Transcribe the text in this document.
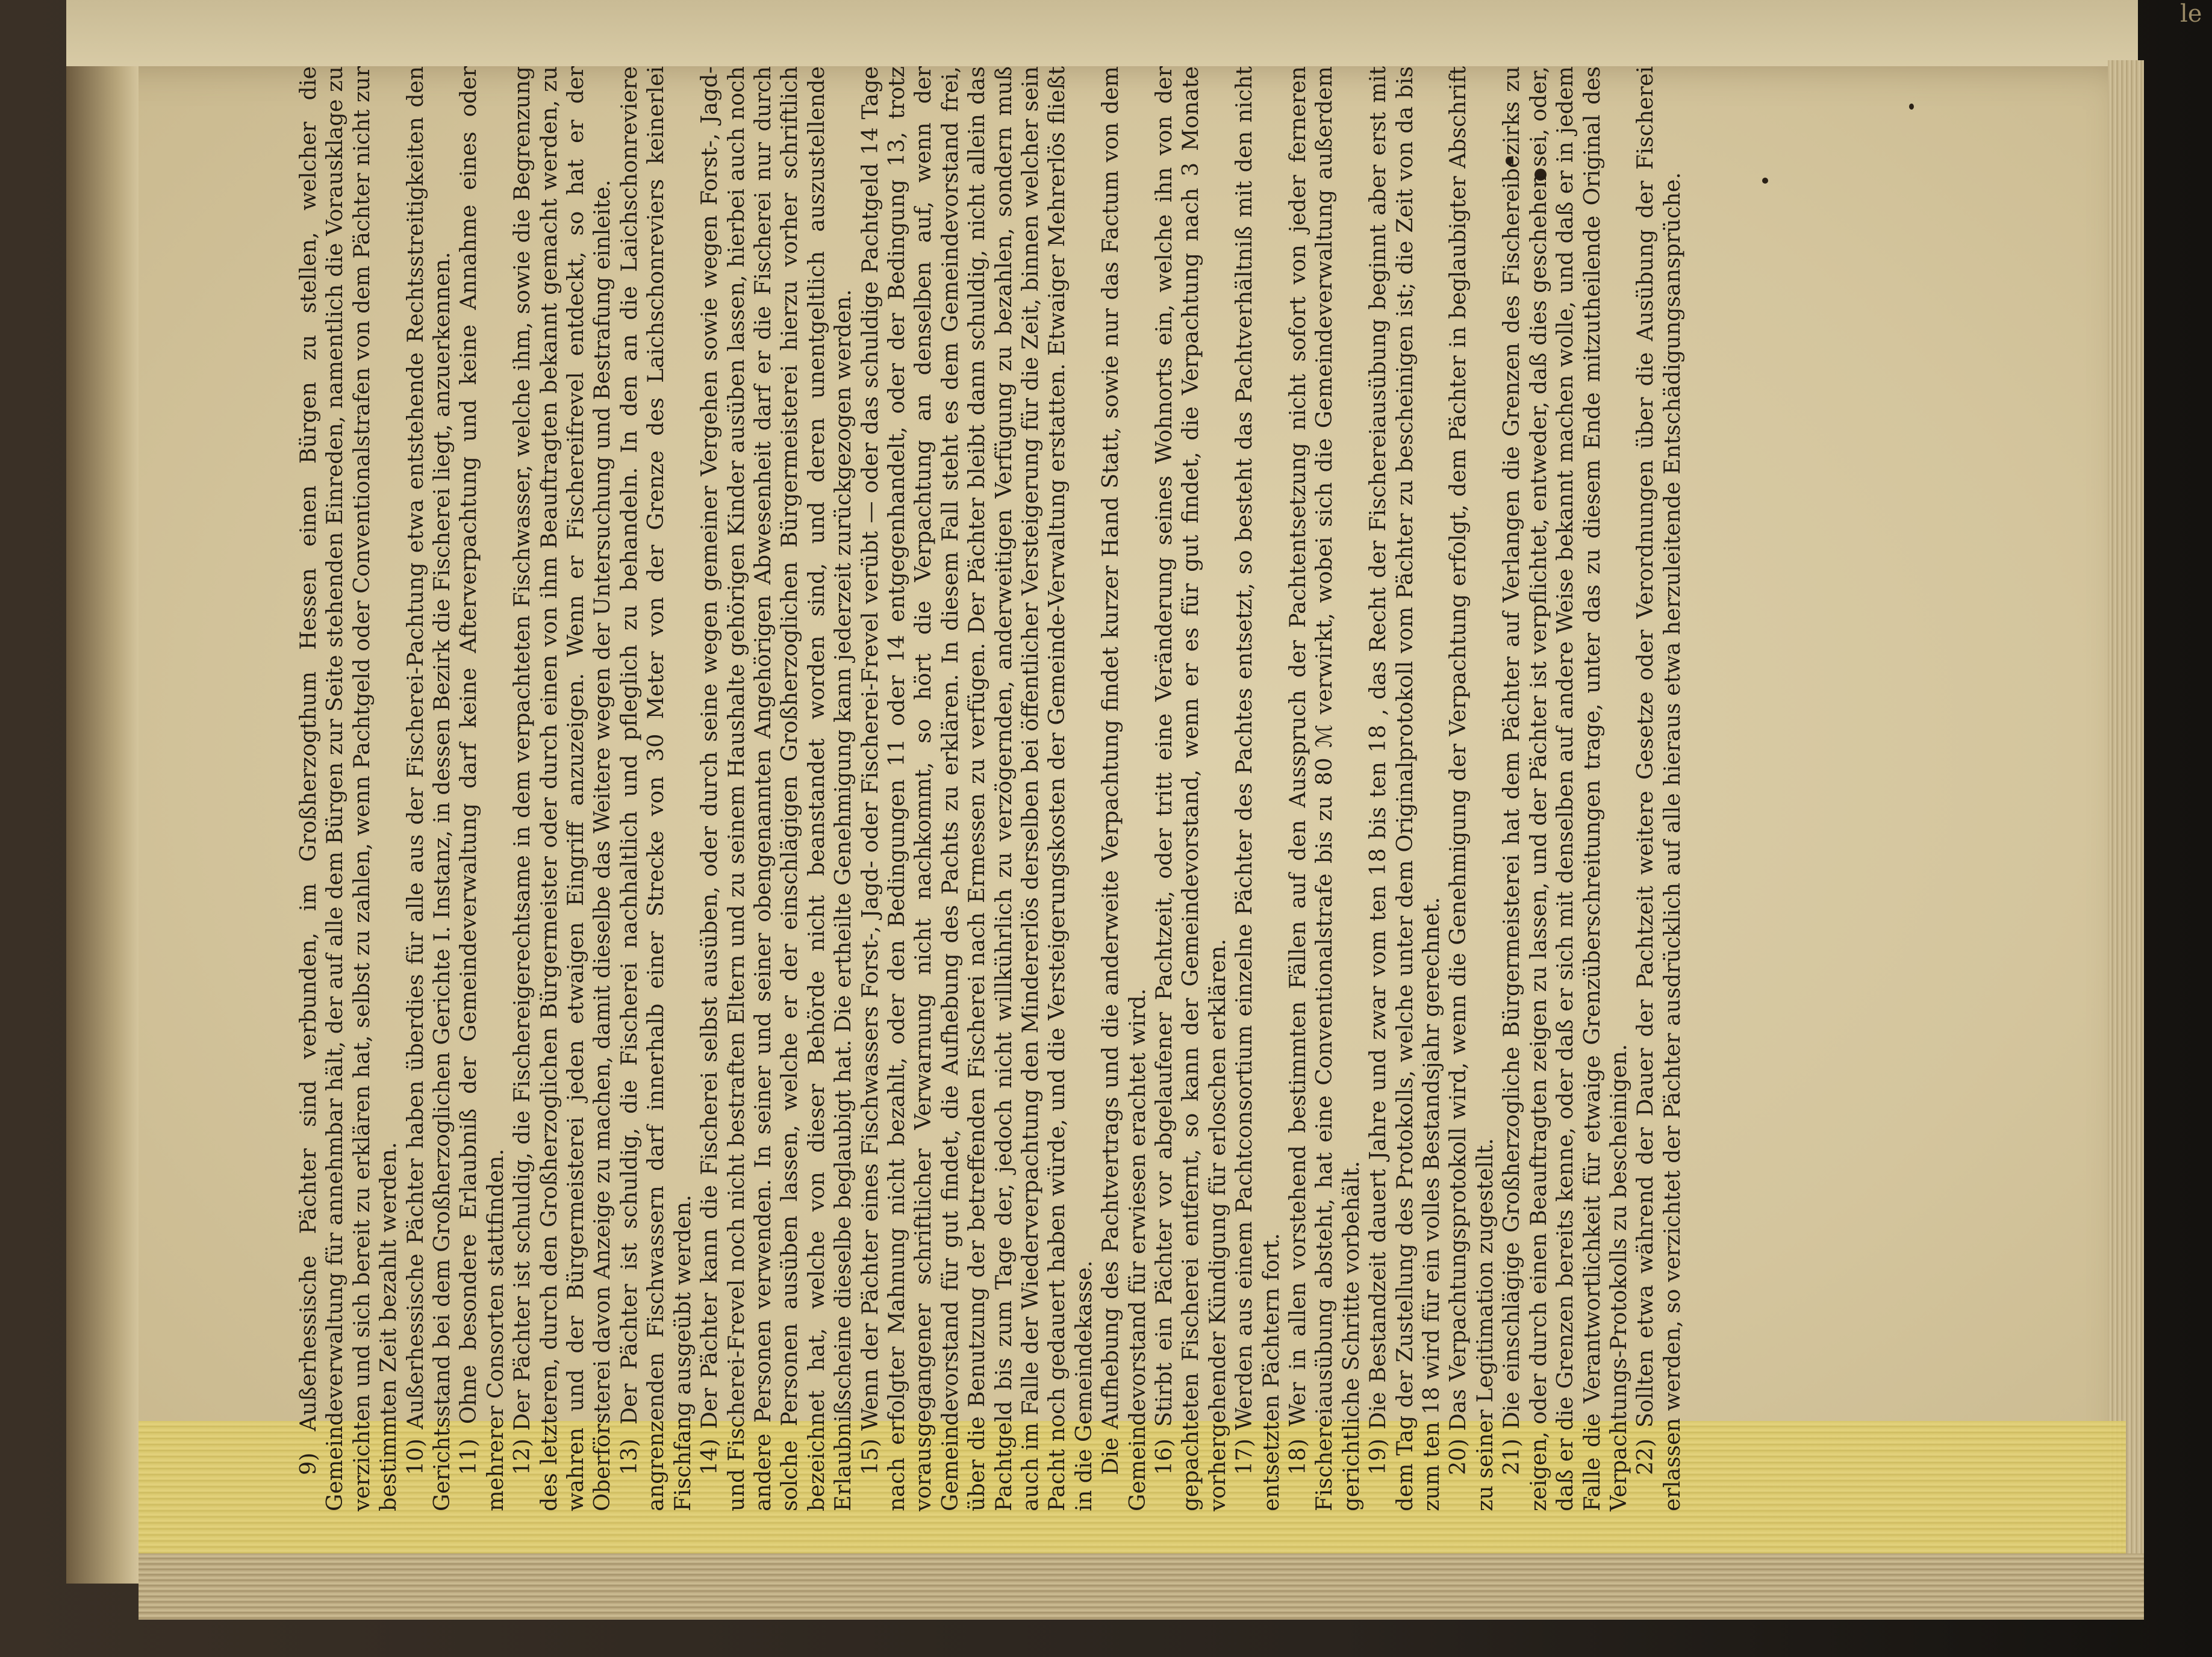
le

9) Außerhessische Pächter sind verbunden, im Großherzogthum Hessen einen Bürgen zu stellen, welcher die Gemeindeverwaltung für annehmbar hält, der auf alle dem Bürgen zur Seite stehenden Einreden, namentlich die Vorausklage zu verzichten und sich bereit zu erklären hat, selbst zu zahlen, wenn Pachtgeld oder Conventionalstrafen von dem Pächter nicht zur bestimmten Zeit bezahlt werden. 10) Außerhessische Pächter haben überdies für alle aus der Fischerei-Pachtung etwa entstehende Rechtsstreitigkeiten den Gerichtsstand bei dem Großherzoglichen Gerichte I. Instanz, in dessen Bezirk die Fischerei liegt, anzuerkennen. 11) Ohne besondere Erlaubniß der Gemeindeverwaltung darf keine Afterverpachtung und keine Annahme eines oder mehrerer Consorten stattfinden. 12) Der Pächter ist schuldig, die Fischereigerechtsame in dem verpachteten Fischwasser, welche ihm, sowie die Begrenzung des letzteren, durch den Großherzoglichen Bürgermeister oder durch einen von ihm Beauftragten bekannt gemacht werden, zu wahren und der Bürgermeisterei jeden etwaigen Eingriff anzuzeigen. Wenn er Fischereifrevel entdeckt, so hat er der Oberförsterei davon Anzeige zu machen, damit dieselbe das Weitere wegen der Untersuchung und Bestrafung einleite. 13) Der Pächter ist schuldig, die Fischerei nachhaltlich und pfleglich zu behandeln. In den an die Laichschonreviere angrenzenden Fischwassern darf innerhalb einer Strecke von 30 Meter von der Grenze des Laichschonreviers keinerlei Fischfang ausgeübt werden. 14) Der Pächter kann die Fischerei selbst ausüben, oder durch seine wegen gemeiner Vergehen sowie wegen Forst-, Jagd- und Fischerei-Frevel noch nicht bestraften Eltern und zu seinem Haushalte gehörigen Kinder ausüben lassen, hierbei auch noch andere Personen verwenden. In seiner und seiner obengenannten Angehörigen Abwesenheit darf er die Fischerei nur durch solche Personen ausüben lassen, welche er der einschlägigen Großherzoglichen Bürgermeisterei hierzu vorher schriftlich bezeichnet hat, welche von dieser Behörde nicht beanstandet worden sind, und deren unentgeltlich auszustellende Erlaubnißscheine dieselbe beglaubigt hat. Die ertheilte Genehmigung kann jederzeit zurückgezogen werden. 15) Wenn der Pächter eines Fischwassers Forst-, Jagd- oder Fischerei-Frevel verübt — oder das schuldige Pachtgeld 14 Tage nach erfolgter Mahnung nicht bezahlt, oder den Bedingungen 11 oder 14 entgegenhandelt, oder der Bedingung 13, trotz vorausgegangener schriftlicher Verwarnung nicht nachkommt, so hört die Verpachtung an denselben auf, wenn der Gemeindevorstand für gut findet, die Aufhebung des Pachts zu erklären. In diesem Fall steht es dem Gemeindevorstand frei, über die Benutzung der betreffenden Fischerei nach Ermessen zu verfügen. Der Pächter bleibt dann schuldig, nicht allein das Pachtgeld bis zum Tage der, jedoch nicht willkührlich zu verzögernden, anderweitigen Verfügung zu bezahlen, sondern muß auch im Falle der Wiederverpachtung den Mindererlös derselben bei öffentlicher Versteigerung für die Zeit, binnen welcher sein Pacht noch gedauert haben würde, und die Versteigerungskosten der Gemeinde-Verwaltung erstatten. Etwaiger Mehrerlös fließt in die Gemeindekasse. Die Aufhebung des Pachtvertrags und die anderweite Verpachtung findet kurzer Hand Statt, sowie nur das Factum von dem Gemeindevorstand für erwiesen erachtet wird. 16) Stirbt ein Pächter vor abgelaufener Pachtzeit, oder tritt eine Veränderung seines Wohnorts ein, welche ihn von der gepachteten Fischerei entfernt, so kann der Gemeindevorstand, wenn er es für gut findet, die Verpachtung nach 3 Monate vorhergehender Kündigung für erloschen erklären. 17) Werden aus einem Pachtconsortium einzelne Pächter des Pachtes entsetzt, so besteht das Pachtverhältniß mit den nicht entsetzten Pächtern fort. 18) Wer in allen vorstehend bestimmten Fällen auf den Ausspruch der Pachtentsetzung nicht sofort von jeder ferneren Fischereiausübung absteht, hat eine Conventionalstrafe bis zu 80 ℳ verwirkt, wobei sich die Gemeindeverwaltung außerdem gerichtliche Schritte vorbehält. 19) Die Bestandzeit dauert Jahre und zwar vom ten 18 bis ten 18 , das Recht der Fischereiausübung beginnt aber erst mit dem Tag der Zustellung des Protokolls, welche unter dem Originalprotokoll vom Pächter zu bescheinigen ist; die Zeit von da bis zum ten 18 wird für ein volles Bestandsjahr gerechnet. 20) Das Verpachtungsprotokoll wird, wenn die Genehmigung der Verpachtung erfolgt, dem Pächter in beglaubigter Abschrift zu seiner Legitimation zugestellt. 21) Die einschlägige Großherzogliche Bürgermeisterei hat dem Pächter auf Verlangen die Grenzen des Fischereibezirks zu zeigen, oder durch einen Beauftragten zeigen zu lassen, und der Pächter ist verpflichtet, entweder, daß dies geschehen sei, oder, daß er die Grenzen bereits kenne, oder daß er sich mit denselben auf andere Weise bekannt machen wolle, und daß er in jedem Falle die Verantwortlichkeit für etwaige Grenzüberschreitungen trage, unter das zu diesem Ende mitzutheilende Original des Verpachtungs-Protokolls zu bescheinigen. 22) Sollten etwa während der Dauer der Pachtzeit weitere Gesetze oder Verordnungen über die Ausübung der Fischerei erlassen werden, so verzichtet der Pächter ausdrücklich auf alle hieraus etwa herzuleitende Entschädigungsansprüche.
